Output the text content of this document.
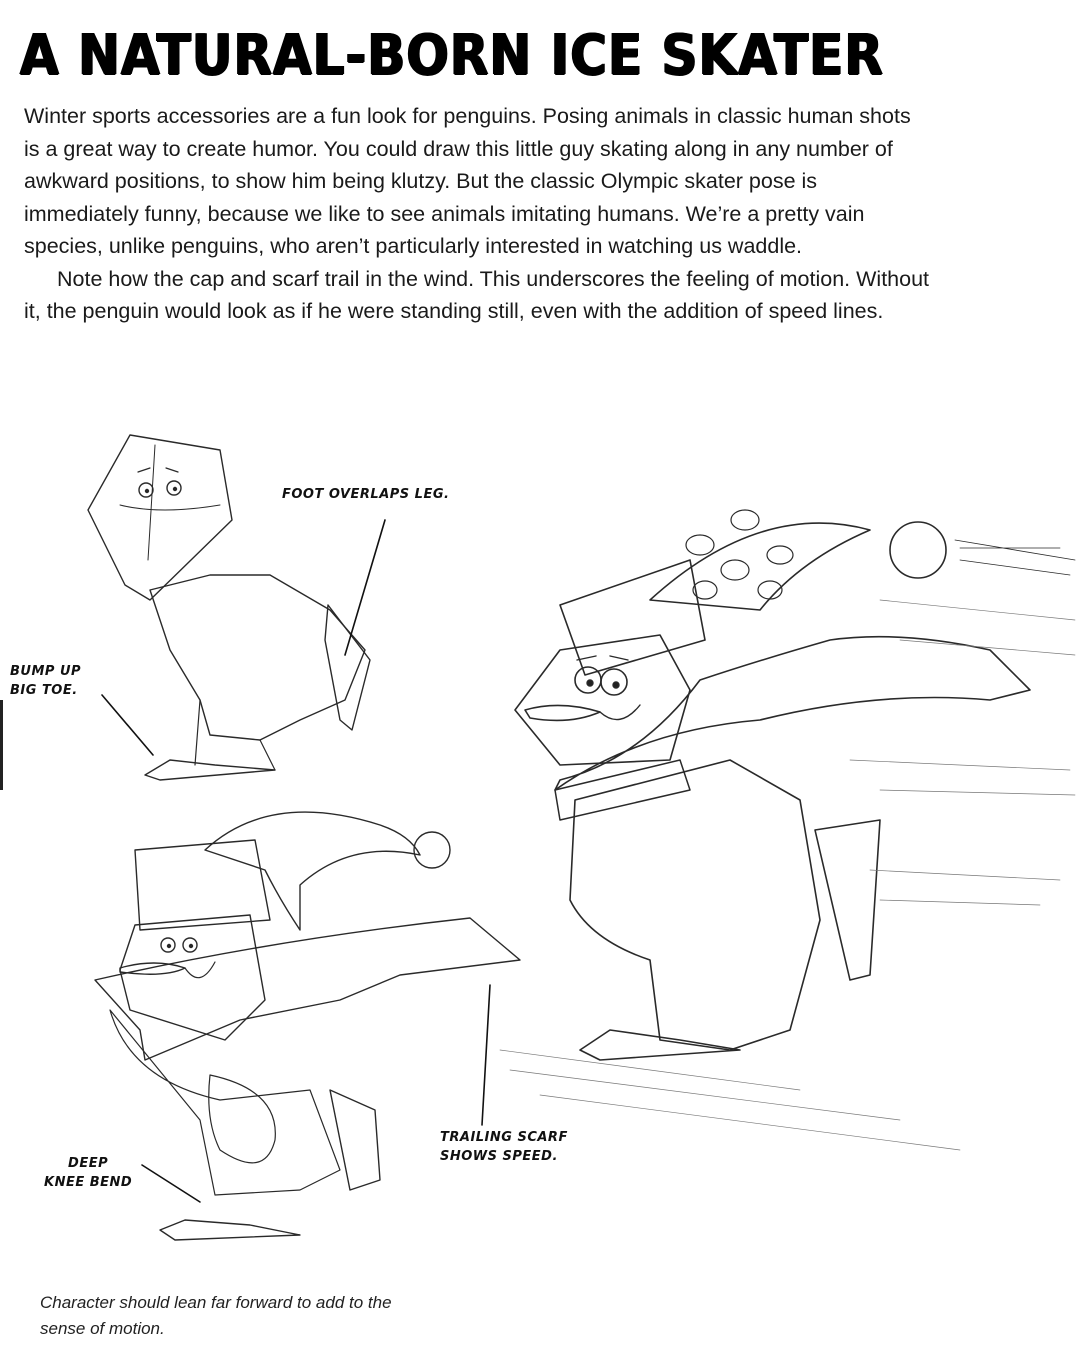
A NATURAL-BORN ICE SKATER

Winter sports accessories are a fun look for penguins. Posing animals in classic human shots is a great way to create humor. You could draw this little guy skating along in any number of awkward positions, to show him being klutzy. But the classic Olympic skater pose is immediately funny, because we like to see animals imitating humans. We’re a pretty vain species, unlike penguins, who aren’t particularly interested in watching us waddle.

Note how the cap and scarf trail in the wind. This underscores the feeling of motion. Without it, the penguin would look as if he were standing still, even with the addition of speed lines.

FOOT OVERLAPS LEG.
BUMP UP
BIG TOE.
DEEP
KNEE BEND
TRAILING SCARF
SHOWS SPEED.
Character should lean far forward to add to the sense of motion.
